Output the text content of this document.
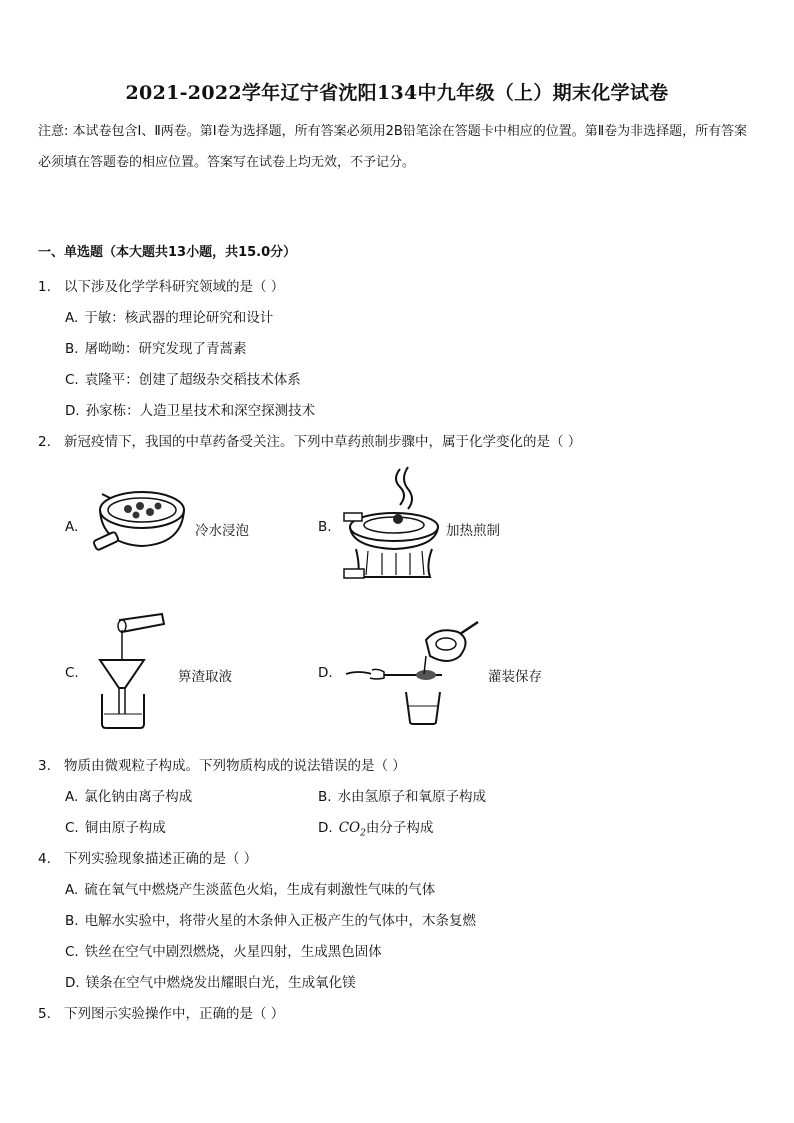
2021-2022学年辽宁省沈阳134中九年级（上）期末化学试卷
注意: 本试卷包含Ⅰ、Ⅱ两卷。第Ⅰ卷为选择题，所有答案必须用2B铅笔涂在答题卡中相应的位置。第Ⅱ卷为非选择题，所有答案必须填在答题卷的相应位置。答案写在试卷上均无效，不予记分。
一、单选题（本大题共13小题，共15.0分）
1. 以下涉及化学学科研究领域的是（ ）
A. 于敏：核武器的理论研究和设计
B. 屠呦呦：研究发现了青蒿素
C. 袁隆平：创建了超级杂交稻技术体系
D. 孙家栋：人造卫星技术和深空探测技术
2. 新冠疫情下，我国的中草药备受关注。下列中草药煎制步骤中，属于化学变化的是（ ）
A.	冷水浸泡	B.	加热煎制
C.	箅渣取液	D.	灌装保存
3. 物质由微观粒子构成。下列物质构成的说法错误的是（ ）
A. 氯化钠由离子构成	B. 水由氢原子和氧原子构成
C. 铜由原子构成	D. $CO_2$由分子构成
4. 下列实验现象描述正确的是（ ）
A. 硫在氧气中燃烧产生淡蓝色火焰，生成有刺激性气味的气体
B. 电解水实验中，将带火星的木条伸入正极产生的气体中，木条复燃
C. 铁丝在空气中剧烈燃烧，火星四射，生成黑色固体
D. 镁条在空气中燃烧发出耀眼白光，生成氧化镁
5. 下列图示实验操作中，正确的是（ ）
